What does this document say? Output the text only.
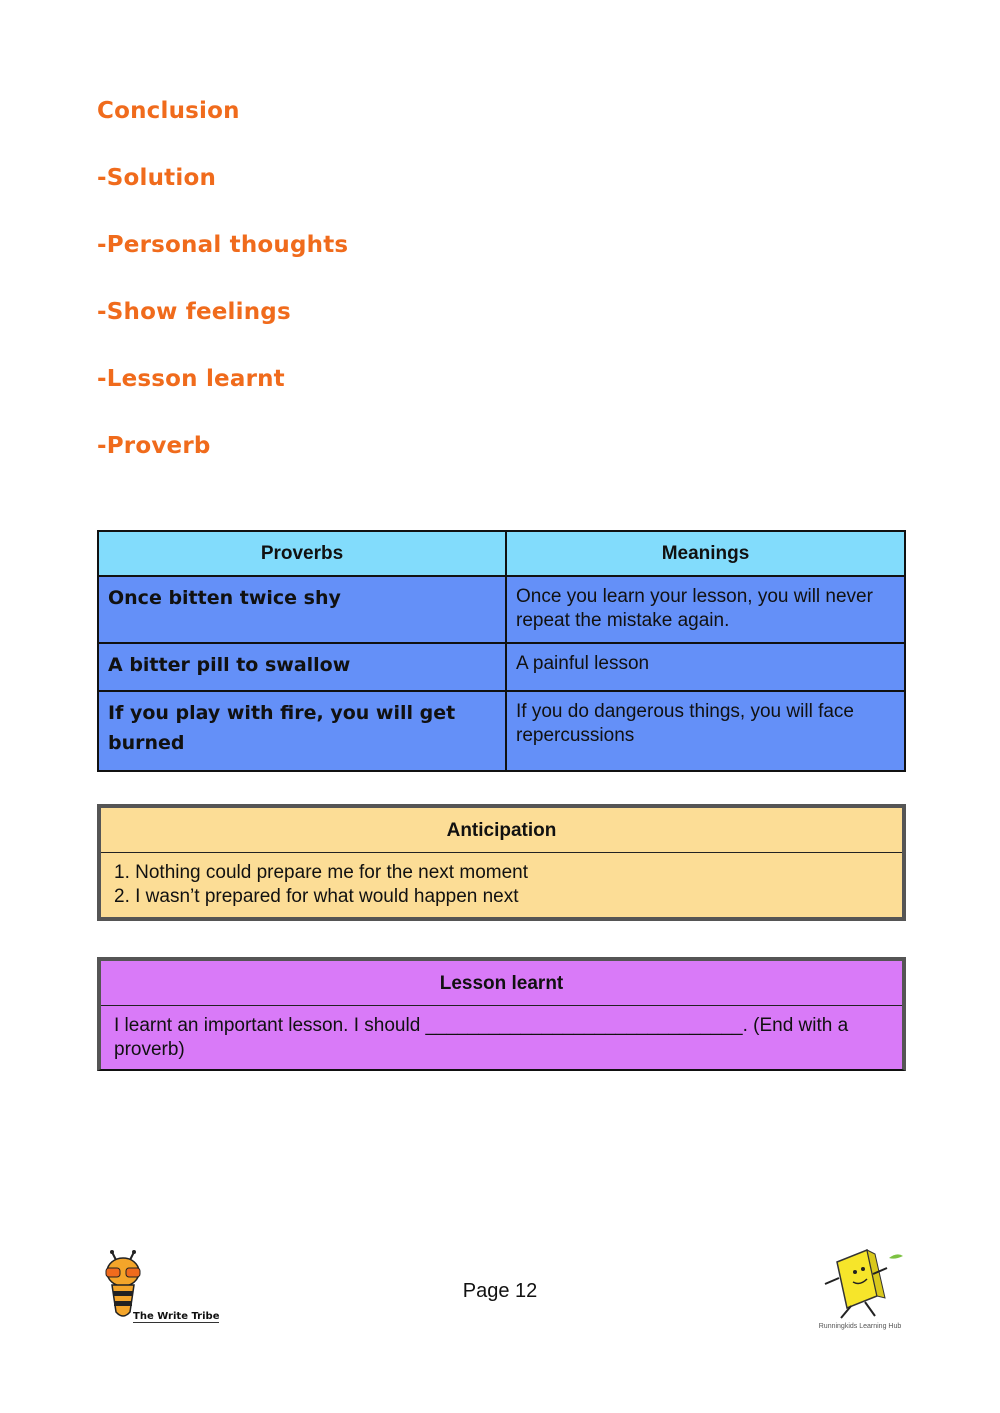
Conclusion
-Solution
-Personal thoughts
-Show feelings
-Lesson learnt
-Proverb
Proverbs	Meanings
Once bitten twice shy	Once you learn your lesson, you will never repeat the mistake again.
A bitter pill to swallow	A painful lesson
If you play with fire, you will get burned	If you do dangerous things, you will face repercussions
Anticipation
1. Nothing could prepare me for the next moment
2. I wasn’t prepared for what would happen next
Lesson learnt
I learnt an important lesson. I should ______________________________. (End with a proverb)
The Write Tribe
Page 12
Runningkids Learning Hub
